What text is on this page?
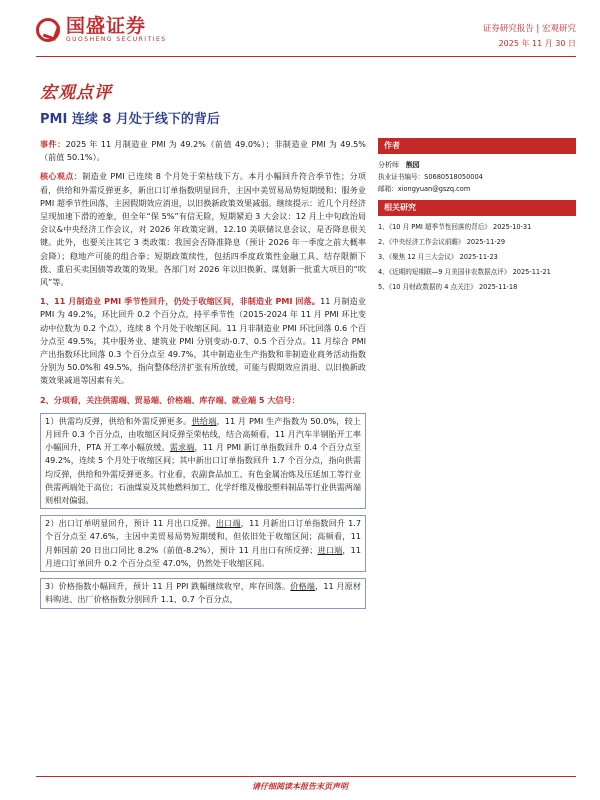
国盛证券
GUOSHENG SECURITIES
证券研究报告 | 宏观研究
2025 年 11 月 30 日
宏观点评
PMI 连续 8 月处于线下的背后

事件：2025 年 11 月制造业 PMI 为 49.2%（前值 49.0%）；非制造业 PMI 为 49.5%（前值 50.1%）。

核心观点：制造业 PMI 已连续 8 个月处于荣枯线下方。本月小幅回升符合季节性；分项看，供给和外需反弹更多，新出口订单指数明显回升，主因中美贸易局势短期缓和；服务业 PMI 超季节性回落，主因假期效应消退，以旧换新政策效果减弱。继续提示：近几个月经济呈现加速下滑的迹象，但全年“保 5%”有信无险，短期紧迫 3 大会议：12 月上中旬政治局会议&中央经济工作会议，对 2026 年政策定调，12.10 美联储议息会议，是否降息很关键。此外，也要关注其它 3 类政策：我国会否降准降息（预计 2026 年一季度之前大概率会降）；稳地产可能的组合拳；短期政策续性，包括四季度政策性金融工具、结存限额下拨、重启买卖国债等政策的效果。各部门对 2026 年以旧换新、谋划新一批重大项目的“吹风”等。

1、11 月制造业 PMI 季节性回升，仍处于收缩区间，非制造业 PMI 回落。11 月制造业 PMI 为 49.2%，环比回升 0.2 个百分点，持平季节性（2015-2024 年 11 月 PMI 环比变动中位数为 0.2 个点），连续 8 个月处于收缩区间。11 月非制造业 PMI 环比回落 0.6 个百分点至 49.5%，其中服务业、建筑业 PMI 分别变动-0.7、0.5 个百分点。11 月综合 PMI 产出指数环比回落 0.3 个百分点至 49.7%，其中制造业生产指数和非制造业商务活动指数分别为 50.0%和 49.5%，指向整体经济扩张有所放缓，可能与假期效应消退、以旧换新政策效果减退等因素有关。

2、分项看，关注供需端、贸易端、价格端、库存端、就业端 5 大信号：

1）供需均反弹，供给和外需反弹更多。供给端，11 月 PMI 生产指数为 50.0%，较上月回升 0.3 个百分点，由收缩区间反弹至荣枯线，结合高频看，11 月汽车半钢胎开工率小幅回升，PTA 开工率小幅放缓。需求端，11 月 PMI 新订单指数回升 0.4 个百分点至 49.2%，连续 5 个月处于收缩区间；其中新出口订单指数回升 1.7 个百分点，指向供需均反弹，供给和外需反弹更多。行业看，农副食品加工、有色金属冶炼及压延加工等行业供需两端处于高位；石油煤炭及其他燃料加工、化学纤维及橡胶塑料制品等行业供需两端则相对偏弱。
2）出口订单明显回升，预计 11 月出口反弹。出口端，11 月新出口订单指数回升 1.7 个百分点至 47.6%，主因中美贸易局势短期缓和，但依旧处于收缩区间；高频看，11 月韩国前 20 日出口同比 8.2%（前值-8.2%），预计 11 月出口有所反弹；进口端，11 月进口订单回升 0.2 个百分点至 47.0%，仍然处于收缩区间。
3）价格指数小幅回升，预计 11 月 PPI 跌幅继续收窄，库存回落。价格端，11 月原材料购进、出厂价格指数分别回升 1.1、0.7 个百分点，
作者
分析师 熊园
执业证书编号：S0680518050004
邮箱：xiongyuan@gszq.com
相关研究
1、《10 月 PMI 超季节性回落的背后》 2025-10-31
2、《中央经济工作会议前瞻》 2025-11-29
3、《聚焦 12 月三大会议》 2025-11-23
4、《近期的短期联—9 月美国非农数据点评》 2025-11-21
5、《10 月财政数据的 4 点关注》 2025-11-18
请仔细阅读本报告末页声明
